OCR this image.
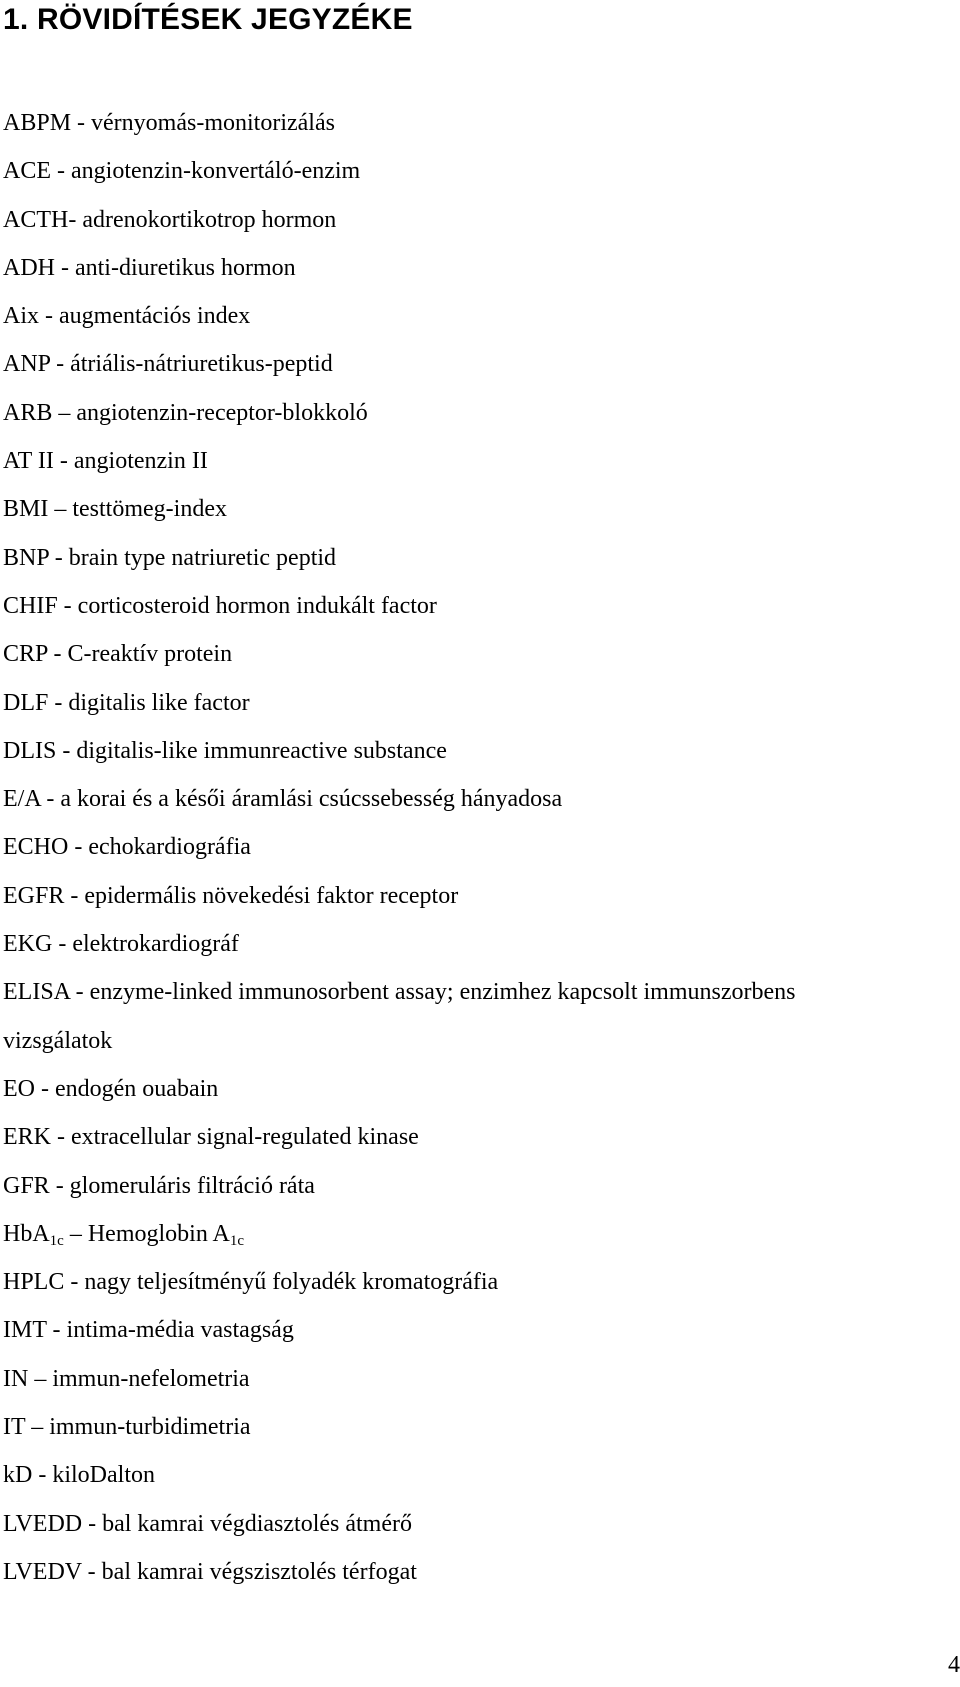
1. RÖVIDÍTÉSEK JEGYZÉKE
ABPM - vérnyomás-monitorizálás
ACE - angiotenzin-konvertáló-enzim
ACTH- adrenokortikotrop hormon
ADH - anti-diuretikus hormon
Aix - augmentációs index
ANP - átriális-nátriuretikus-peptid
ARB – angiotenzin-receptor-blokkoló
AT II - angiotenzin II
BMI – testtömeg-index
BNP - brain type natriuretic peptid
CHIF - corticosteroid hormon indukált factor
CRP - C-reaktív protein
DLF - digitalis like factor
DLIS - digitalis-like immunreactive substance
E/A - a korai és a késői áramlási csúcssebesség hányadosa
ECHO - echokardiográfia
EGFR - epidermális növekedési faktor receptor
EKG - elektrokardiográf
ELISA - enzyme-linked immunosorbent assay; enzimhez kapcsolt immunszorbens
vizsgálatok
EO - endogén ouabain
ERK - extracellular signal-regulated kinase
GFR - glomeruláris filtráció ráta
HbA$_{1c}$ – Hemoglobin $A_{1c}$
HPLC - nagy teljesítményű folyadék kromatográfia
IMT - intima-média vastagság
IN – immun-nefelometria
IT – immun-turbidimetria
kD - kiloDalton
LVEDD - bal kamrai végdiasztolés átmérő
LVEDV - bal kamrai végszisztolés térfogat
4
